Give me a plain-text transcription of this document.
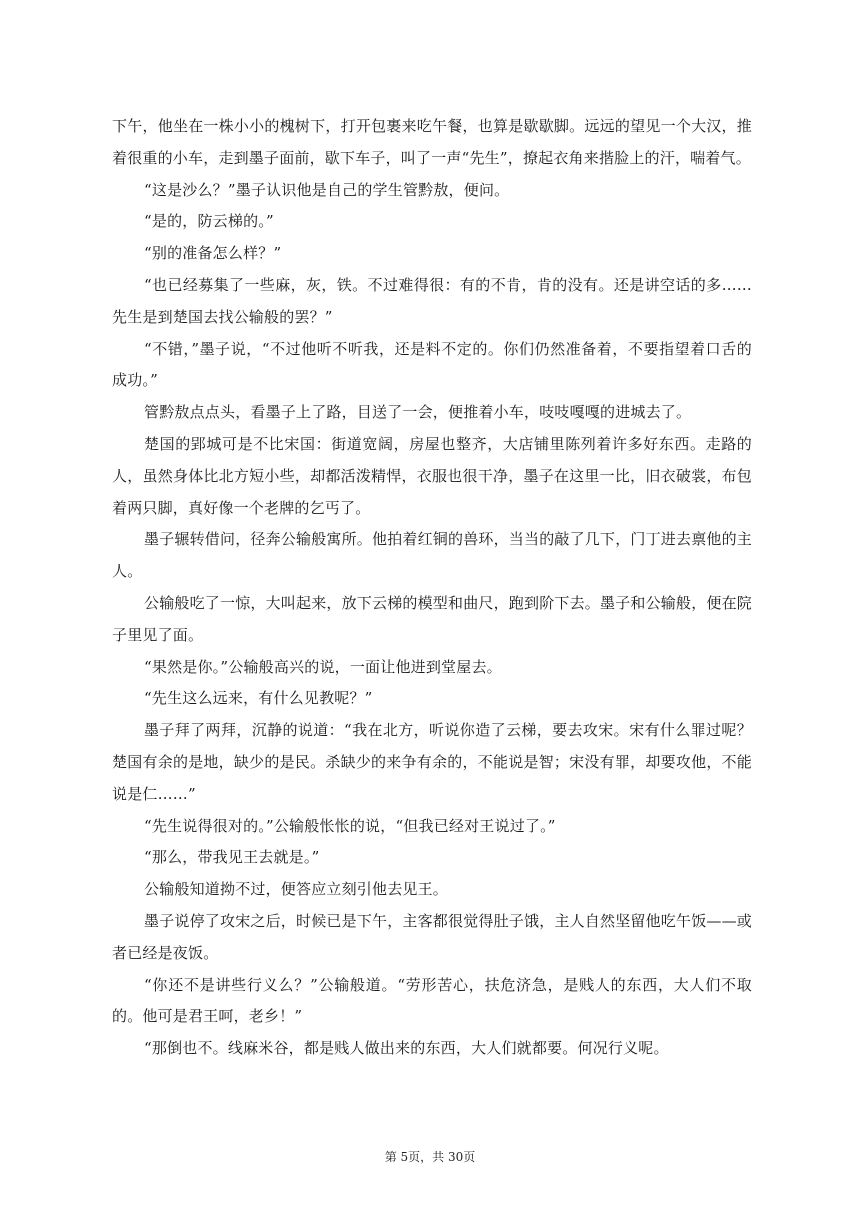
下午，他坐在一株小小的槐树下，打开包裹来吃午餐，也算是歇歇脚。远远的望见一个大汉，推着很重的小车，走到墨子面前，歇下车子，叫了一声“先生”，撩起衣角来揩脸上的汗，喘着气。

“这是沙么？”墨子认识他是自己的学生管黔敖，便问。

“是的，防云梯的。”

“别的准备怎么样？”

“也已经募集了一些麻，灰，铁。不过难得很：有的不肯，肯的没有。还是讲空话的多……先生是到楚国去找公输般的罢？”

“不错，”墨子说，“不过他听不听我，还是料不定的。你们仍然准备着，不要指望着口舌的成功。”

管黔敖点点头，看墨子上了路，目送了一会，便推着小车，吱吱嘎嘎的进城去了。

楚国的郢城可是不比宋国：街道宽阔，房屋也整齐，大店铺里陈列着许多好东西。走路的人，虽然身体比北方短小些，却都活泼精悍，衣服也很干净，墨子在这里一比，旧衣破裳，布包着两只脚，真好像一个老牌的乞丐了。

墨子辗转借问，径奔公输般寓所。他拍着红铜的兽环，当当的敲了几下，门丁进去禀他的主人。

公输般吃了一惊，大叫起来，放下云梯的模型和曲尺，跑到阶下去。墨子和公输般，便在院子里见了面。

“果然是你。”公输般高兴的说，一面让他进到堂屋去。

“先生这么远来，有什么见教呢？”

墨子拜了两拜，沉静的说道：“我在北方，听说你造了云梯，要去攻宋。宋有什么罪过呢？楚国有余的是地，缺少的是民。杀缺少的来争有余的，不能说是智；宋没有罪，却要攻他，不能说是仁……”

“先生说得很对的。”公输般怅怅的说，“但我已经对王说过了。”

“那么，带我见王去就是。”

公输般知道拗不过，便答应立刻引他去见王。

墨子说停了攻宋之后，时候已是下午，主客都很觉得肚子饿，主人自然坚留他吃午饭——或者已经是夜饭。

“你还不是讲些行义么？”公输般道。“劳形苦心，扶危济急，是贱人的东西，大人们不取的。他可是君王呵，老乡！”

“那倒也不。线麻米谷，都是贱人做出来的东西，大人们就都要。何况行义呢。

第 5页，共 30页
